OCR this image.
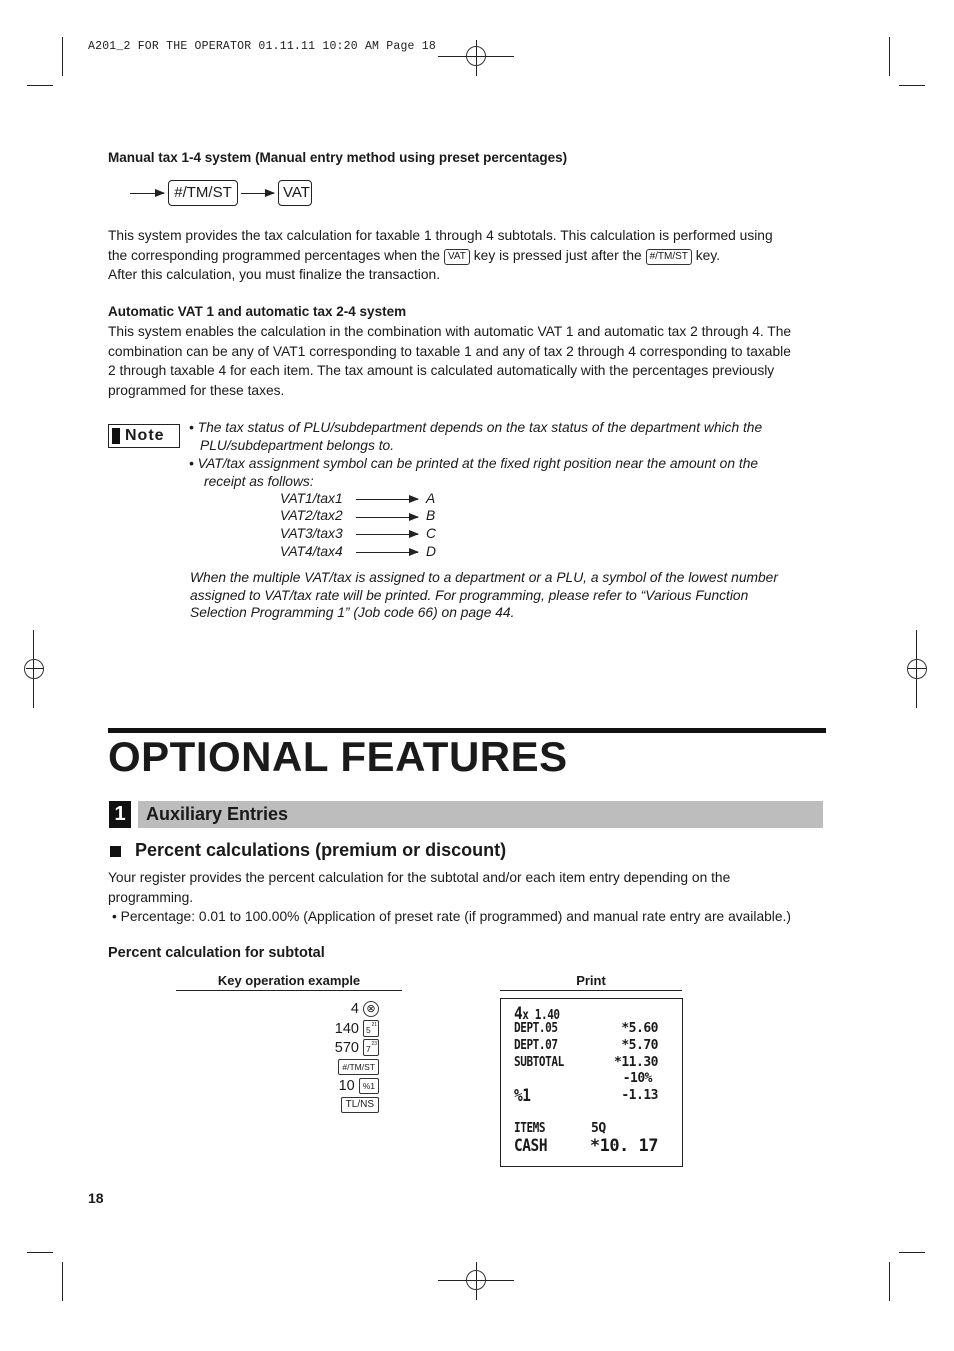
A201_2 FOR THE OPERATOR 01.11.11 10:20 AM Page 18
Manual tax 1-4 system (Manual entry method using preset percentages)
#/TM/ST	VAT
This system provides the tax calculation for taxable 1 through 4 subtotals. This calculation is performed using
the corresponding programmed percentages when the VAT key is pressed just after the #/TM/ST key.
After this calculation, you must finalize the transaction.
Automatic VAT 1 and automatic tax 2-4 system
This system enables the calculation in the combination with automatic VAT 1 and automatic tax 2 through 4. The
combination can be any of VAT1 corresponding to taxable 1 and any of tax 2 through 4 corresponding to taxable
2 through taxable 4 for each item. The tax amount is calculated automatically with the percentages previously
programmed for these taxes.
Note • The tax status of PLU/subdepartment depends on the tax status of the department which the
PLU/subdepartment belongs to.
• VAT/tax assignment symbol can be printed at the fixed right position near the amount on the
receipt as follows:
VAT1/tax1	A
VAT2/tax2	B
VAT3/tax3	C
VAT4/tax4	D
When the multiple VAT/tax is assigned to a department or a PLU, a symbol of the lowest number
assigned to VAT/tax rate will be printed. For programming, please refer to “Various Function
Selection Programming 1” (Job code 66) on page 44.
OPTIONAL FEATURES
1	Auxiliary Entries
Percent calculations (premium or discount)
Your register provides the percent calculation for the subtotal and/or each item entry depending on the
programming.
• Percentage: 0.01 to 100.00% (Application of preset rate (if programmed) and manual rate entry are available.)
Percent calculation for subtotal
Key operation example	Print
4 ⊗
140 21
5
570 23
7
#/TM/ST
10 %1
TL/NS
4x 1.40
DEPT.05	*5.60
DEPT.07	*5.70
SUBTOTAL	*11.30
-10%
%1	-1.13
ITEMS	5Q
CASH	*10. 17
18
